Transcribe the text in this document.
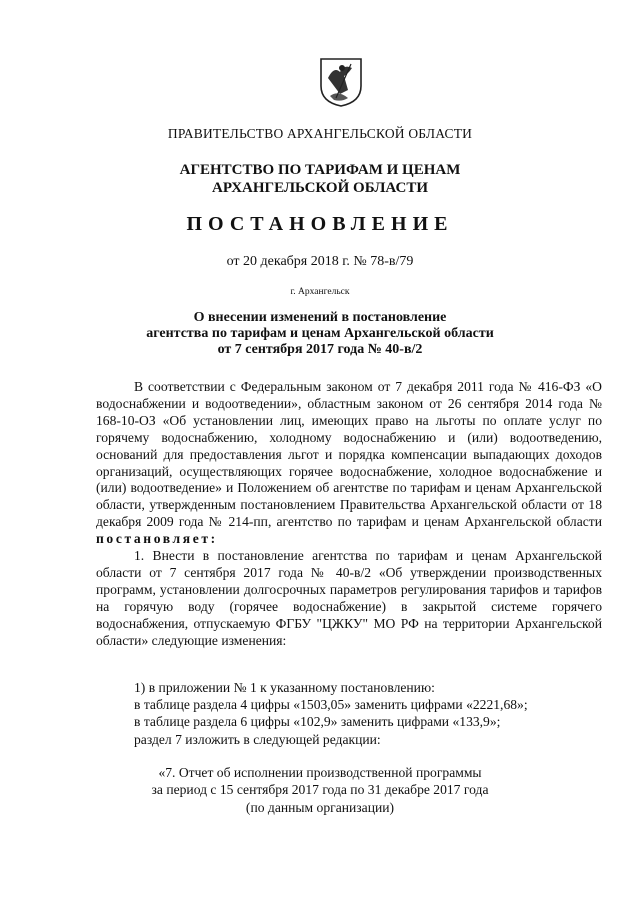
ПРАВИТЕЛЬСТВО АРХАНГЕЛЬСКОЙ ОБЛАСТИ
АГЕНТСТВО ПО ТАРИФАМ И ЦЕНАМ
АРХАНГЕЛЬСКОЙ ОБЛАСТИ
ПОСТАНОВЛЕНИЕ
от 20 декабря 2018 г. № 78-в/79
г. Архангельск
О внесении изменений в постановление
агентства по тарифам и ценам Архангельской области
от 7 сентября 2017 года № 40-в/2

В соответствии с Федеральным законом от 7 декабря 2011 года № 416-ФЗ «О водоснабжении и водоотведении», областным законом от 26 сентября 2014 года № 168-10-ОЗ «Об установлении лиц, имеющих право на льготы по оплате услуг по горячему водоснабжению, холодному водоснабжению и (или) водоотведению, оснований для предоставления льгот и порядка компенсации выпадающих доходов организаций, осуществляющих горячее водоснабжение, холодное водоснабжение и (или) водоотведение» и Положением об агентстве по тарифам и ценам Архангельской области, утвержденным постановлением Правительства Архангельской области от 18 декабря 2009 года № 214-пп, агентство по тарифам и ценам Архангельской области постановляет:

1. Внести в постановление агентства по тарифам и ценам Архангельской области от 7 сентября 2017 года № 40-в/2 «Об утверждении производственных программ, установлении долгосрочных параметров регулирования тарифов и тарифов на горячую воду (горячее водоснабжение) в закрытой системе горячего водоснабжения, отпускаемую ФГБУ "ЦЖКУ" МО РФ на территории Архангельской области» следующие изменения:

1) в приложении № 1 к указанному постановлению:
в таблице раздела 4 цифры «1503,05» заменить цифрами «2221,68»;
в таблице раздела 6 цифры «102,9» заменить цифрами «133,9»;
раздел 7 изложить в следующей редакции:
«7. Отчет об исполнении производственной программы
за период с 15 сентября 2017 года по 31 декабре 2017 года
(по данным организации)
